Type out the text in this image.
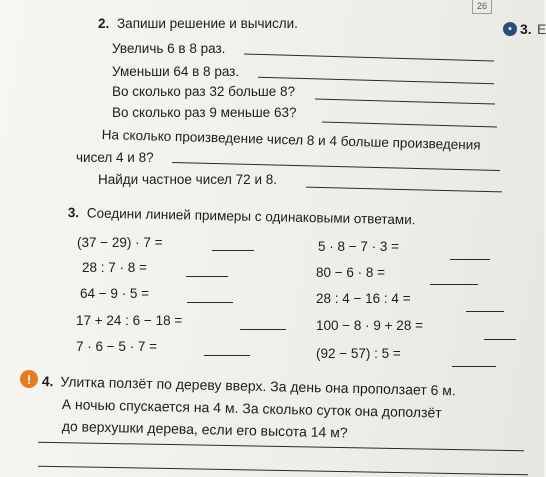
26
• 3. Е
2. Запиши решение и вычисли.
Увеличь 6 в 8 раз.
Уменьши 64 в 8 раз.
Во сколько раз 32 больше 8?
Во сколько раз 9 меньше 63?
На сколько произведение чисел 8 и 4 больше произведения
чисел 4 и 8?
Найди частное чисел 72 и 8.
3. Соедини линией примеры с одинаковыми ответами.
(37 − 29) · 7 =
28 : 7 · 8 =
64 − 9 · 5 =
17 + 24 : 6 − 18 =
7 · 6 − 5 · 7 =
5 · 8 − 7 · 3 =
80 − 6 · 8 =
28 : 4 − 16 : 4 =
100 − 8 · 9 + 28 =
(92 − 57) : 5 =
! 4. Улитка ползёт по дереву вверх. За день она проползает 6 м.
А ночью спускается на 4 м. За сколько суток она доползёт
до верхушки дерева, если его высота 14 м?
